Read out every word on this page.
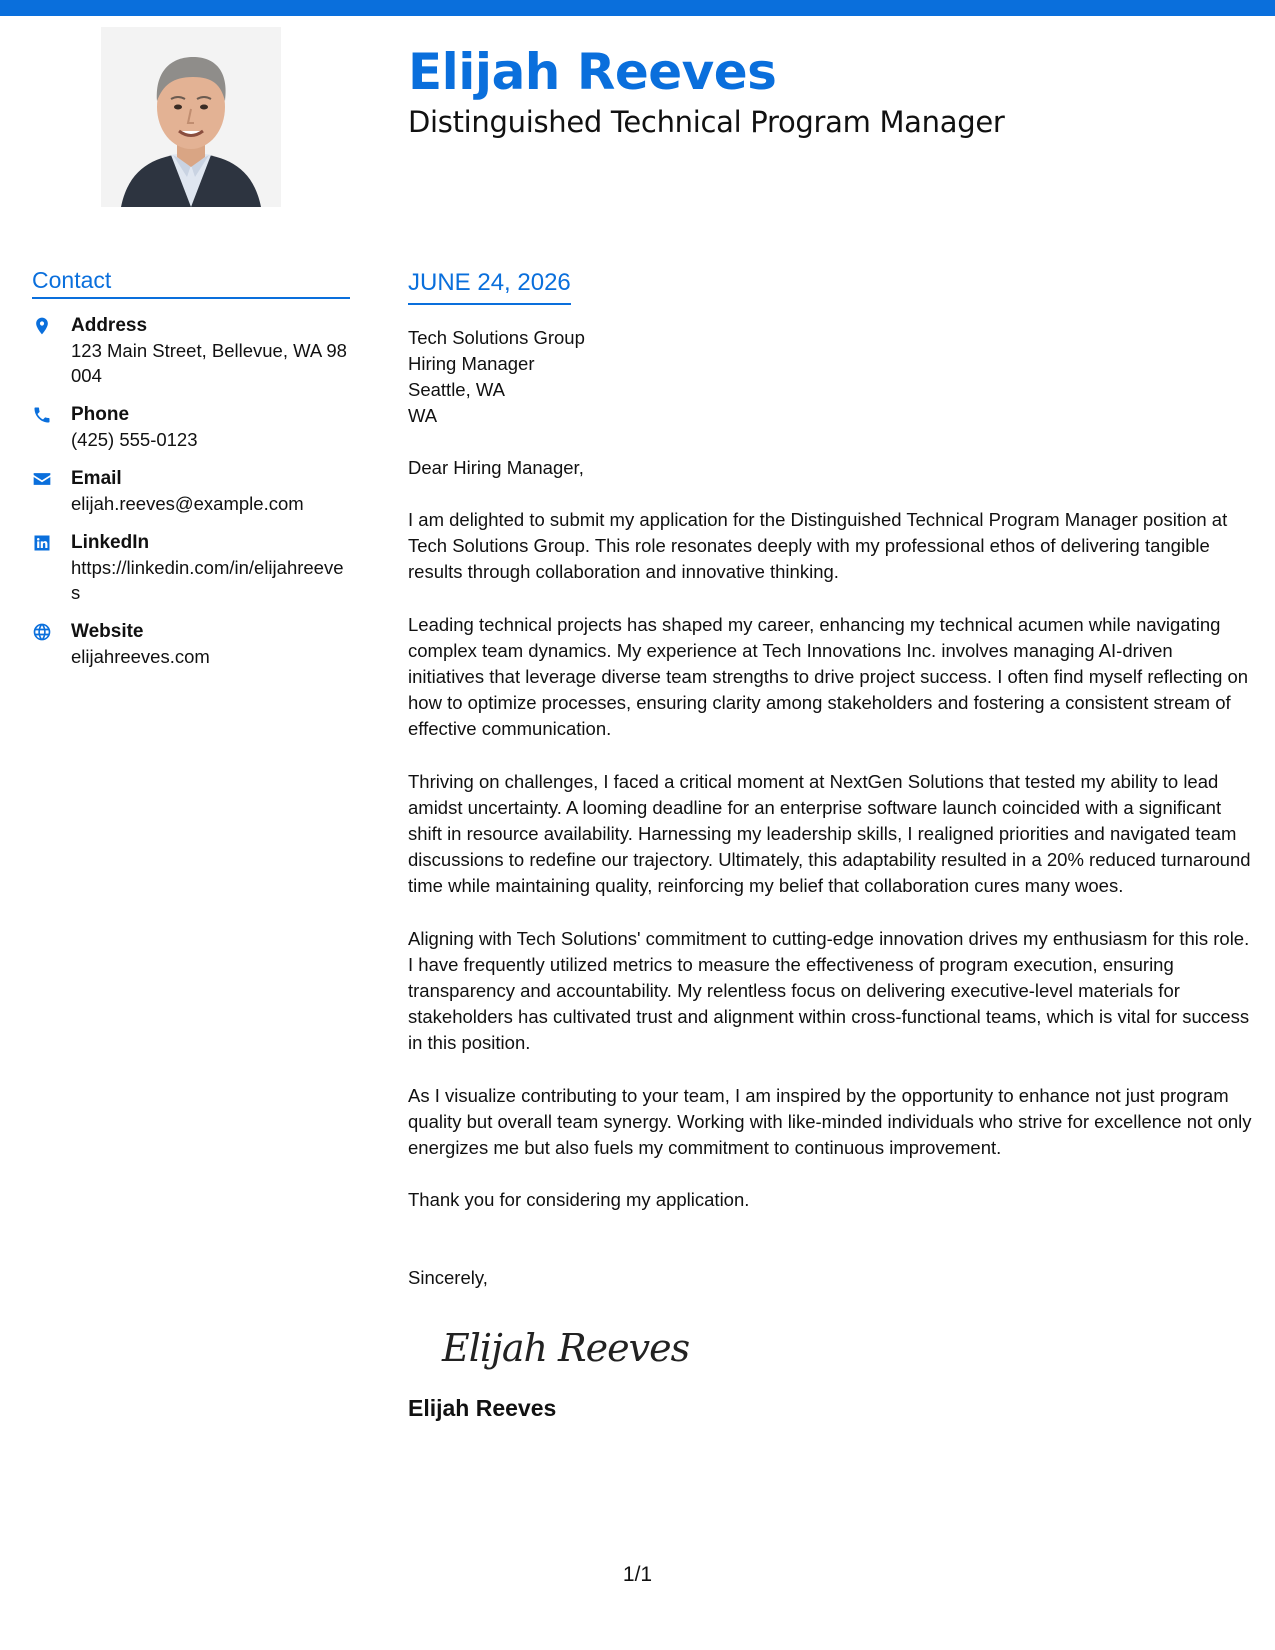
Elijah Reeves
Distinguished Technical Program Manager
Contact
Address
123 Main Street, Bellevue, WA 98004
Phone
(425) 555-0123
Email
elijah.reeves@example.com
LinkedIn
https://linkedin.com/in/elijahreeves
Website
elijahreeves.com
JUNE 24, 2026
Tech Solutions Group
Hiring Manager
Seattle, WA
WA
Dear Hiring Manager,

I am delighted to submit my application for the Distinguished Technical Program Manager position at Tech Solutions Group. This role resonates deeply with my professional ethos of delivering tangible results through collaboration and innovative thinking.

Leading technical projects has shaped my career, enhancing my technical acumen while navigating complex team dynamics. My experience at Tech Innovations Inc. involves managing AI-driven initiatives that leverage diverse team strengths to drive project success. I often find myself reflecting on how to optimize processes, ensuring clarity among stakeholders and fostering a consistent stream of effective communication.

Thriving on challenges, I faced a critical moment at NextGen Solutions that tested my ability to lead amidst uncertainty. A looming deadline for an enterprise software launch coincided with a significant shift in resource availability. Harnessing my leadership skills, I realigned priorities and navigated team discussions to redefine our trajectory. Ultimately, this adaptability resulted in a 20% reduced turnaround time while maintaining quality, reinforcing my belief that collaboration cures many woes.

Aligning with Tech Solutions' commitment to cutting-edge innovation drives my enthusiasm for this role. I have frequently utilized metrics to measure the effectiveness of program execution, ensuring transparency and accountability. My relentless focus on delivering executive-level materials for stakeholders has cultivated trust and alignment within cross-functional teams, which is vital for success in this position.

As I visualize contributing to your team, I am inspired by the opportunity to enhance not just program quality but overall team synergy. Working with like-minded individuals who strive for excellence not only energizes me but also fuels my commitment to continuous improvement.

Thank you for considering my application.

Sincerely,
Elijah Reeves
Elijah Reeves
1/1
